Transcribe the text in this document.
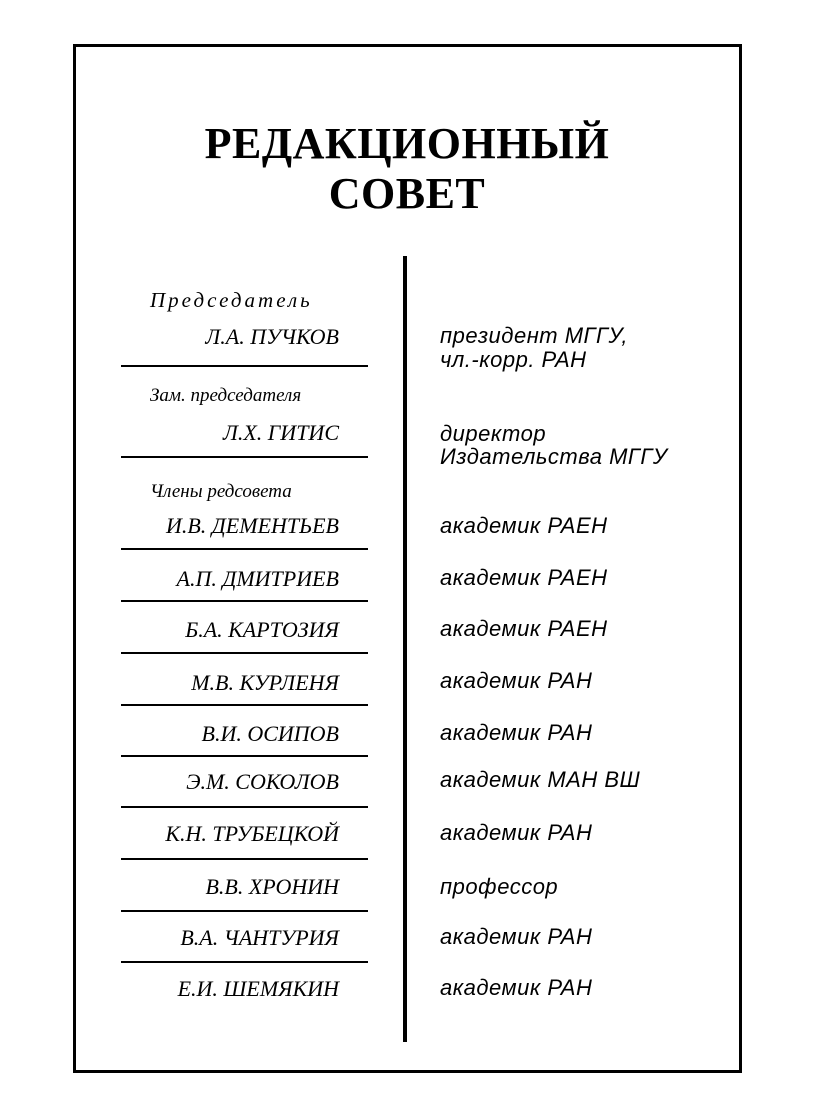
РЕДАКЦИОННЫЙ
СОВЕТ
Председатель
Л.А. ПУЧКОВ	президент МГГУ,
чл.-корр. РАН
Зам. председателя
Л.Х. ГИТИС	директор
Издательства МГГУ
Члены редсовета
И.В. ДЕМЕНТЬЕВ	академик РАЕН
А.П. ДМИТРИЕВ	академик РАЕН
Б.А. КАРТОЗИЯ	академик РАЕН
М.В. КУРЛЕНЯ	академик РАН
В.И. ОСИПОВ	академик РАН
Э.М. СОКОЛОВ	академик МАН ВШ
К.Н. ТРУБЕЦКОЙ	академик РАН
В.В. ХРОНИН	профессор
В.А. ЧАНТУРИЯ	академик РАН
Е.И. ШЕМЯКИН	академик РАН
